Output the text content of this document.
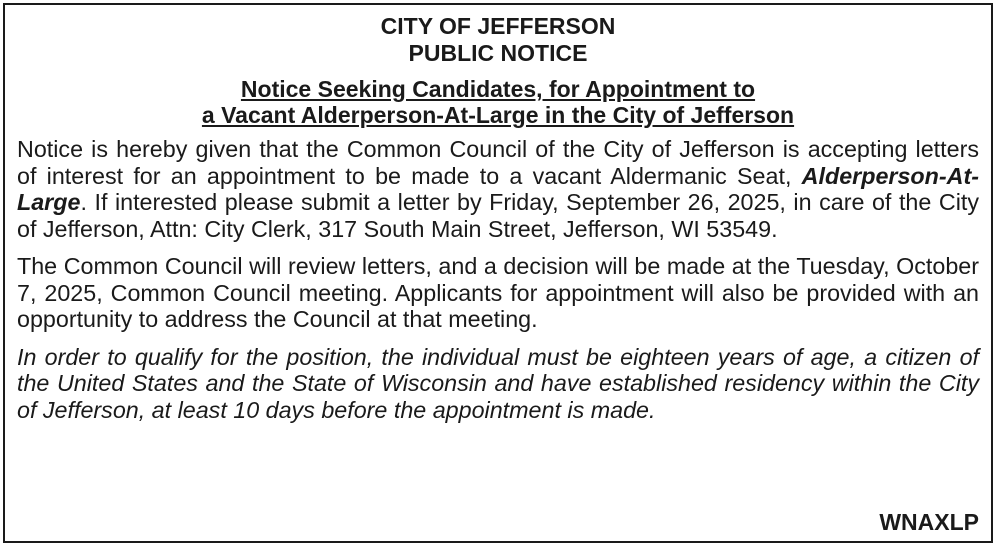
CITY OF JEFFERSON

PUBLIC NOTICE

Notice Seeking Candidates, for Appointment to

a Vacant Alderperson-At-Large in the City of Jefferson

Notice is hereby given that the Common Council of the City of Jefferson is accepting letters of interest for an appointment to be made to a vacant Aldermanic Seat, Alderperson-At-Large. If interested please submit a letter by Friday, September 26, 2025, in care of the City of Jefferson, Attn: City Clerk, 317 South Main Street, Jefferson, WI 53549.

The Common Council will review letters, and a decision will be made at the Tuesday, October 7, 2025, Common Council meeting. Applicants for appointment will also be provided with an opportunity to address the Council at that meeting.

In order to qualify for the position, the individual must be eighteen years of age, a citizen of the United States and the State of Wisconsin and have established residency within the City of Jefferson, at least 10 days before the appointment is made.

WNAXLP
